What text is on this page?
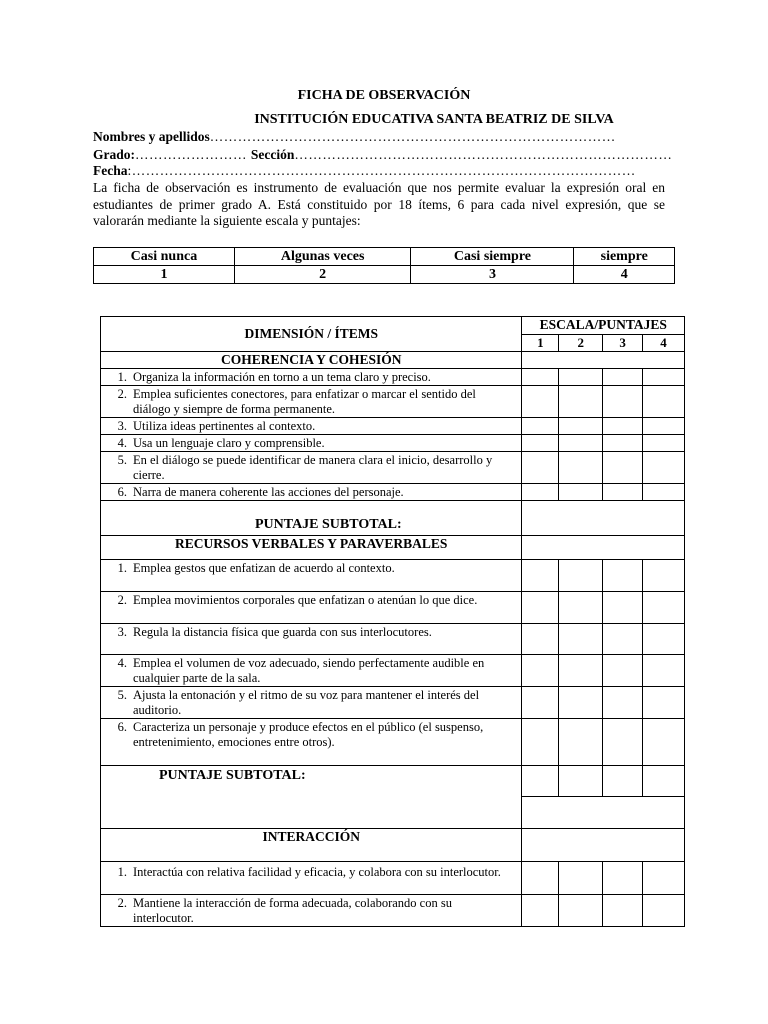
FICHA DE OBSERVACIÓN
INSTITUCIÓN EDUCATIVA SANTA BEATRIZ DE SILVA
Nombres y apellidos……………………………………………………………………………
Grado:…………………… Sección………………………………………………………………………
Fecha:………………………………………………………………………………………………
La ficha de observación es instrumento de evaluación que nos permite evaluar la expresión oral en estudiantes de primer grado A. Está constituido por 18 ítems, 6 para cada nivel expresión, que se valorarán mediante la siguiente escala y puntajes:
Casi nunca	Algunas veces	Casi siempre	siempre
1	2	3	4
DIMENSIÓN / ÍTEMS	ESCALA/PUNTAJES			
	1	2	3	4
COHERENCIA Y COHESIÓN				
1. Organiza la información en torno a un tema claro y preciso.				
2. Emplea suficientes conectores, para enfatizar o marcar el sentido del diálogo y siempre de forma permanente.				
3. Utiliza ideas pertinentes al contexto.				
4.Usa un lenguaje claro y comprensible.				
5.En el diálogo se puede identificar de manera clara el inicio, desarrollo y cierre.				
6.Narra de manera coherente las acciones del personaje.				
PUNTAJE SUBTOTAL:				
RECURSOS VERBALES Y PARAVERBALES				
1.Emplea gestos que enfatizan de acuerdo al contexto.				
2.Emplea movimientos corporales que enfatizan o atenúan lo que dice.				
3.Regula la distancia física que guarda con sus interlocutores.				
4.Emplea el volumen de voz adecuado, siendo perfectamente audible en cualquier parte de la sala.				
5. Ajusta la entonación y el ritmo de su voz para mantener el interés del auditorio.				
6.Caracteriza un personaje y produce efectos en el público (el suspenso, entretenimiento, emociones entre otros).				
PUNTAJE SUBTOTAL:				

INTERACCIÓN				
1. Interactúa con relativa facilidad y eficacia, y colabora con su interlocutor.				
2. Mantiene la interacción de forma adecuada, colaborando con su interlocutor.				
